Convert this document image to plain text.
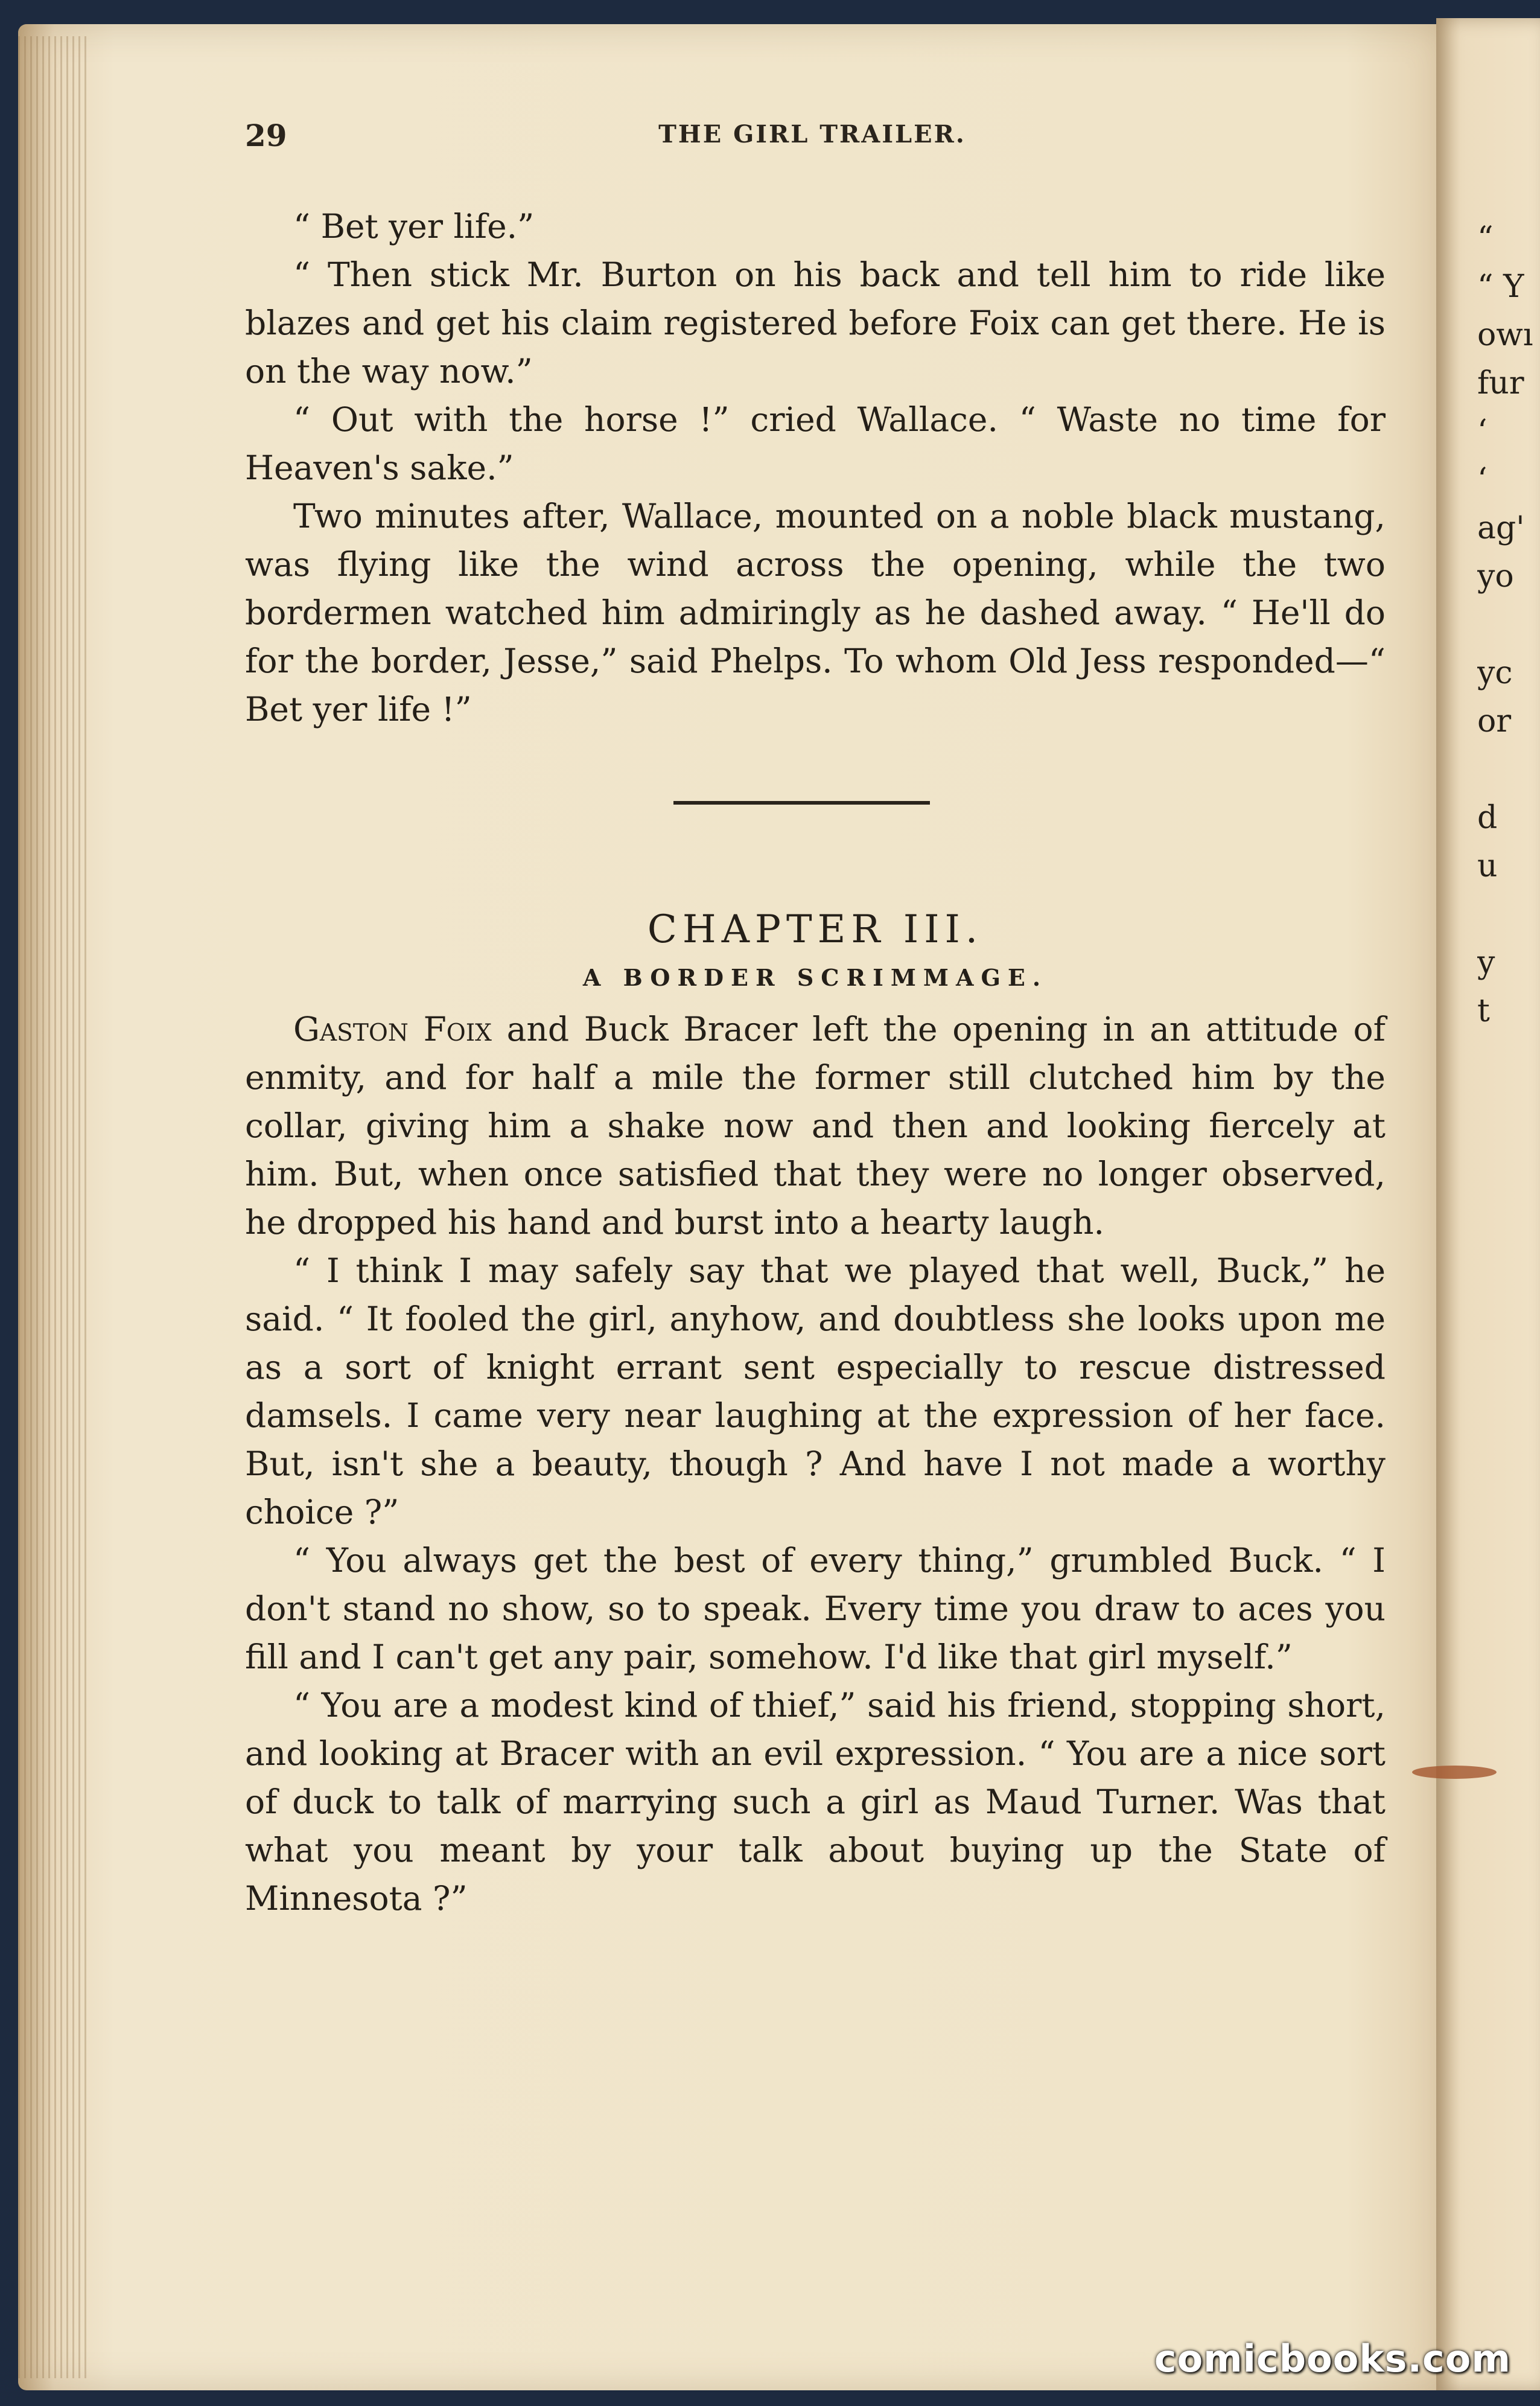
29	THE GIRL TRAILER.

“ Bet yer life.”

“ Then stick Mr. Burton on his back and tell him to ride like blazes and get his claim registered before Foix can get there. He is on the way now.”

“ Out with the horse !” cried Wallace. “ Waste no time for Heaven's sake.”

Two minutes after, Wallace, mounted on a noble black mustang, was flying like the wind across the opening, while the two bordermen watched him admiringly as he dashed away. “ He'll do for the border, Jesse,” said Phelps. To whom Old Jess responded—“ Bet yer life !”

CHAPTER III.
A BORDER SCRIMMAGE.

Gaston Foix and Buck Bracer left the opening in an attitude of enmity, and for half a mile the former still clutched him by the collar, giving him a shake now and then and looking fiercely at him. But, when once satisfied that they were no longer observed, he dropped his hand and burst into a hearty laugh.

“ I think I may safely say that we played that well, Buck,” he said. “ It fooled the girl, anyhow, and doubtless she looks upon me as a sort of knight errant sent especially to rescue distressed damsels. I came very near laughing at the expression of her face. But, isn't she a beauty, though ? And have I not made a worthy choice ?”

“ You always get the best of every thing,” grumbled Buck. “ I don't stand no show, so to speak. Every time you draw to aces you fill and I can't get any pair, somehow. I'd like that girl myself.”

“ You are a modest kind of thief,” said his friend, stopping short, and looking at Bracer with an evil expression. “ You are a nice sort of duck to talk of marrying such a girl as Maud Turner. Was that what you meant by your talk about buying up the State of Minnesota ?”

“
“ Y
owı
fur
‘
‘
ag'
yo
yc
or
d
u
y
t
comicbooks.com
